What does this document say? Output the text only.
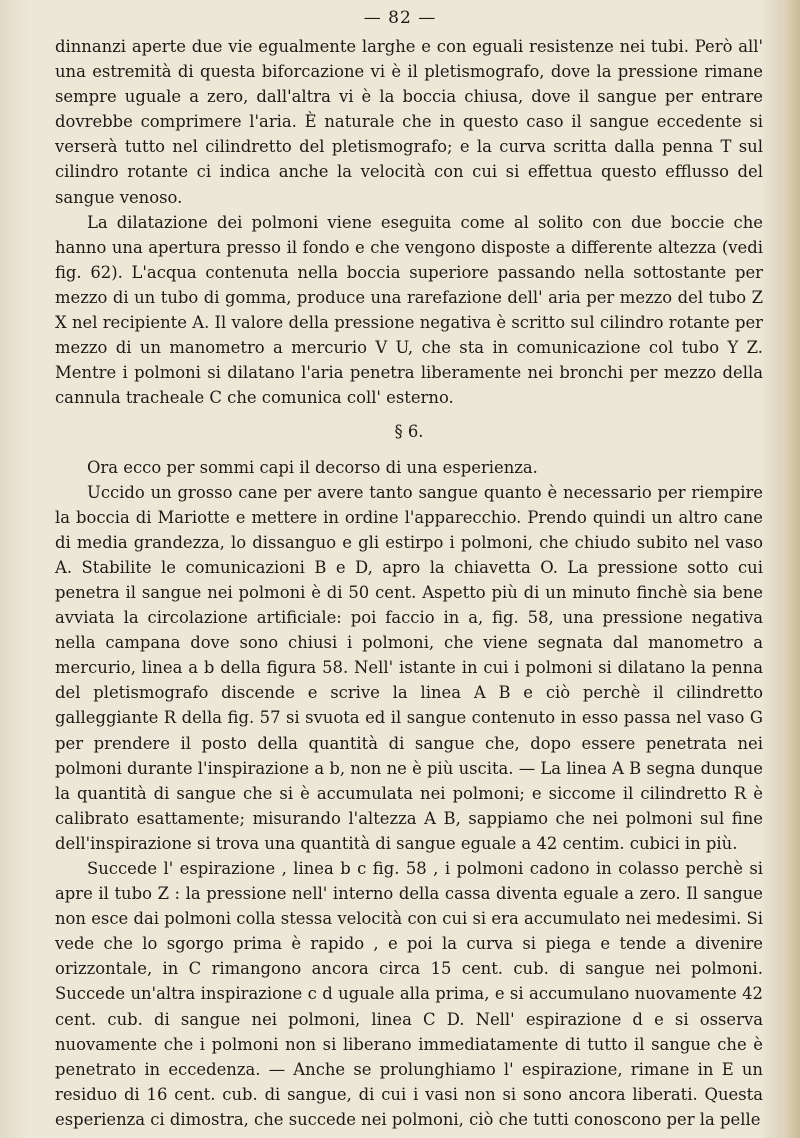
— 82 —

dinnanzi aperte due vie egualmente larghe e con eguali resistenze nei tubi. Però all' una estremità di questa biforcazione vi è il pletismografo, dove la pressione rimane sempre uguale a zero, dall'altra vi è la boccia chiusa, dove il sangue per entrare dovrebbe comprimere l'aria. È naturale che in questo caso il sangue eccedente si verserà tutto nel cilindretto del pletismografo; e la curva scritta dalla penna T sul cilindro rotante ci indica anche la velocità con cui si effettua questo efflusso del sangue venoso.

La dilatazione dei polmoni viene eseguita come al solito con due boccie che hanno una apertura presso il fondo e che vengono disposte a differente altezza (vedi fig. 62). L'acqua contenuta nella boccia superiore passando nella sottostante per mezzo di un tubo di gomma, produce una rarefazione dell' aria per mezzo del tubo Z X nel recipiente A. Il valore della pressione negativa è scritto sul cilindro rotante per mezzo di un manometro a mercurio V U, che sta in comunicazione col tubo Y Z. Mentre i polmoni si dilatano l'aria penetra liberamente nei bronchi per mezzo della cannula tracheale C che comunica coll' esterno.

§ 6.

Ora ecco per sommi capi il decorso di una esperienza.

Uccido un grosso cane per avere tanto sangue quanto è necessario per riempire la boccia di Mariotte e mettere in ordine l'apparecchio. Prendo quindi un altro cane di media grandezza, lo dissanguo e gli estirpo i polmoni, che chiudo subito nel vaso A. Stabilite le comunicazioni B e D, apro la chiavetta O. La pressione sotto cui penetra il sangue nei polmoni è di 50 cent. Aspetto più di un minuto finchè sia bene avviata la circolazione artificiale: poi faccio in a, fig. 58, una pressione negativa nella campana dove sono chiusi i polmoni, che viene segnata dal manometro a mercurio, linea a b della figura 58. Nell' istante in cui i polmoni si dilatano la penna del pletismografo discende e scrive la linea A B e ciò perchè il cilindretto galleggiante R della fig. 57 si svuota ed il sangue contenuto in esso passa nel vaso G per prendere il posto della quantità di sangue che, dopo essere penetrata nei polmoni durante l'inspirazione a b, non ne è più uscita. — La linea A B segna dunque la quantità di sangue che si è accumulata nei polmoni; e siccome il cilindretto R è calibrato esattamente; misurando l'altezza A B, sappiamo che nei polmoni sul fine dell'inspirazione si trova una quantità di sangue eguale a 42 centim. cubici in più.

Succede l' espirazione , linea b c fig. 58 , i polmoni cadono in colasso perchè si apre il tubo Z : la pressione nell' interno della cassa diventa eguale a zero. Il sangue non esce dai polmoni colla stessa velocità con cui si era accumulato nei medesimi. Si vede che lo sgorgo prima è rapido , e poi la curva si piega e tende a divenire orizzontale, in C rimangono ancora circa 15 cent. cub. di sangue nei polmoni. Succede un'altra inspirazione c d uguale alla prima, e si accumulano nuovamente 42 cent. cub. di sangue nei polmoni, linea C D. Nell' espirazione d e si osserva nuovamente che i polmoni non si liberano immediatamente di tutto il sangue che è penetrato in eccedenza. — Anche se prolunghiamo l' espirazione, rimane in E un residuo di 16 cent. cub. di sangue, di cui i vasi non si sono ancora liberati. Questa esperienza ci dimostra, che succede nei polmoni, ciò che tutti conoscono per la pelle
